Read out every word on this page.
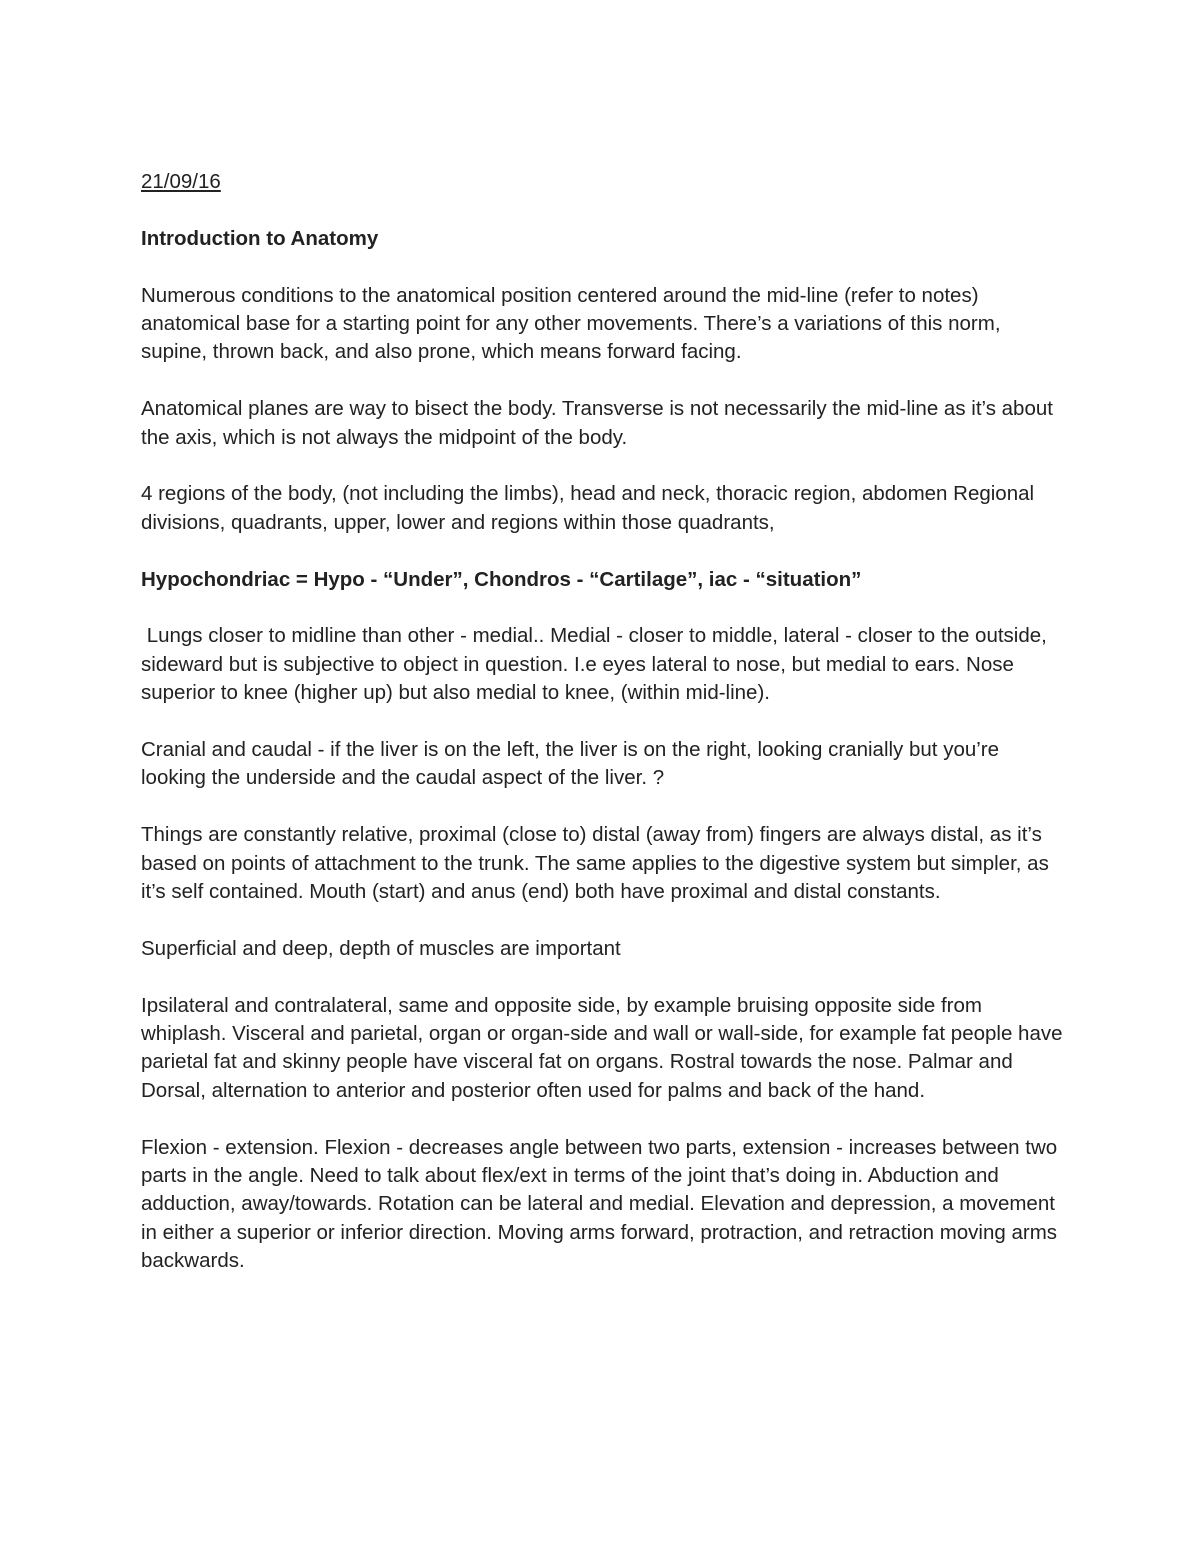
21/09/16

Introduction to Anatomy

Numerous conditions to the anatomical position centered around the mid-line (refer to notes) anatomical base for a starting point for any other movements. There’s a variations of this norm, supine, thrown back, and also prone, which means forward facing.

Anatomical planes are way to bisect the body. Transverse is not necessarily the mid-line as it’s about the axis, which is not always the midpoint of the body.

4 regions of the body, (not including the limbs), head and neck, thoracic region, abdomen Regional divisions, quadrants, upper, lower and regions within those quadrants,

Hypochondriac = Hypo - “Under”, Chondros - “Cartilage”, iac - “situation”

Lungs closer to midline than other - medial.. Medial - closer to middle, lateral - closer to the outside, sideward but is subjective to object in question. I.e eyes lateral to nose, but medial to ears. Nose superior to knee (higher up) but also medial to knee, (within mid-line).

Cranial and caudal - if the liver is on the left, the liver is on the right, looking cranially but you’re looking the underside and the caudal aspect of the liver. ?

Things are constantly relative, proximal (close to) distal (away from) fingers are always distal, as it’s based on points of attachment to the trunk. The same applies to the digestive system but simpler, as it’s self contained. Mouth (start) and anus (end) both have proximal and distal constants.

Superficial and deep, depth of muscles are important

Ipsilateral and contralateral, same and opposite side, by example bruising opposite side from whiplash. Visceral and parietal, organ or organ-side and wall or wall-side, for example fat people have parietal fat and skinny people have visceral fat on organs. Rostral towards the nose. Palmar and Dorsal, alternation to anterior and posterior often used for palms and back of the hand.

Flexion - extension. Flexion - decreases angle between two parts, extension - increases between two parts in the angle. Need to talk about flex/ext in terms of the joint that’s doing in. Abduction and adduction, away/towards. Rotation can be lateral and medial. Elevation and depression, a movement in either a superior or inferior direction. Moving arms forward, protraction, and retraction moving arms backwards.
